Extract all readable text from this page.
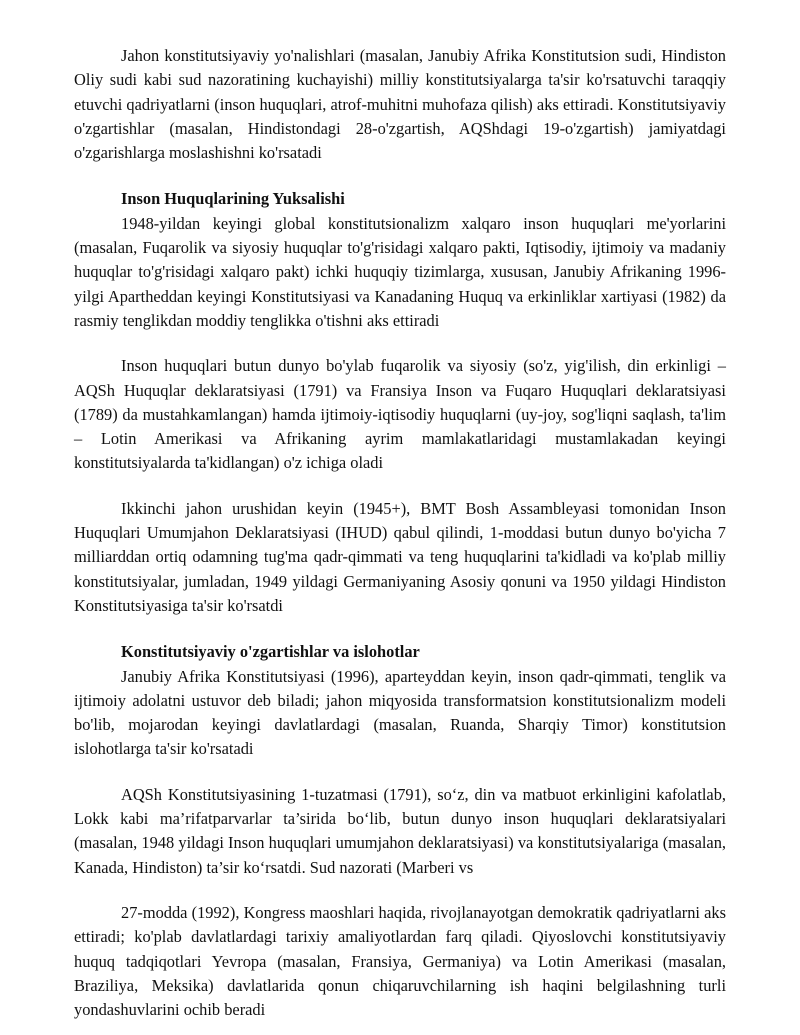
Jahon konstitutsiyaviy yo'nalishlari (masalan, Janubiy Afrika Konstitutsion sudi, Hindiston Oliy sudi kabi sud nazoratining kuchayishi) milliy konstitutsiyalarga ta'sir ko'rsatuvchi taraqqiy etuvchi qadriyatlarni (inson huquqlari, atrof-muhitni muhofaza qilish) aks ettiradi. Konstitutsiyaviy o'zgartishlar (masalan, Hindistondagi 28-o'zgartish, AQShdagi 19-o'zgartish) jamiyatdagi o'zgarishlarga moslashishni ko'rsatadi

Inson Huquqlarining Yuksalishi

1948-yildan keyingi global konstitutsionalizm xalqaro inson huquqlari me'yorlarini (masalan, Fuqarolik va siyosiy huquqlar to'g'risidagi xalqaro pakti, Iqtisodiy, ijtimoiy va madaniy huquqlar to'g'risidagi xalqaro pakt) ichki huquqiy tizimlarga, xususan, Janubiy Afrikaning 1996-yilgi Apartheddan keyingi Konstitutsiyasi va Kanadaning Huquq va erkinliklar xartiyasi (1982) da rasmiy tenglikdan moddiy tenglikka o'tishni aks ettiradi

Inson huquqlari butun dunyo bo'ylab fuqarolik va siyosiy (so'z, yig'ilish, din erkinligi – AQSh Huquqlar deklaratsiyasi (1791) va Fransiya Inson va Fuqaro Huquqlari deklaratsiyasi (1789) da mustahkamlangan) hamda ijtimoiy-iqtisodiy huquqlarni (uy-joy, sog'liqni saqlash, ta'lim – Lotin Amerikasi va Afrikaning ayrim mamlakatlaridagi mustamlakadan keyingi konstitutsiyalarda ta'kidlangan) o'z ichiga oladi

Ikkinchi jahon urushidan keyin (1945+), BMT Bosh Assambleyasi tomonidan Inson Huquqlari Umumjahon Deklaratsiyasi (IHUD) qabul qilindi, 1-moddasi butun dunyo bo'yicha 7 milliarddan ortiq odamning tug'ma qadr-qimmati va teng huquqlarini ta'kidladi va ko'plab milliy konstitutsiyalar, jumladan, 1949 yildagi Germaniyaning Asosiy qonuni va 1950 yildagi Hindiston Konstitutsiyasiga ta'sir ko'rsatdi

Konstitutsiyaviy o'zgartishlar va islohotlar

Janubiy Afrika Konstitutsiyasi (1996), aparteyddan keyin, inson qadr-qimmati, tenglik va ijtimoiy adolatni ustuvor deb biladi; jahon miqyosida transformatsion konstitutsionalizm modeli bo'lib, mojarodan keyingi davlatlardagi (masalan, Ruanda, Sharqiy Timor) konstitutsion islohotlarga ta'sir ko'rsatadi

AQSh Konstitutsiyasining 1-tuzatmasi (1791), so‘z, din va matbuot erkinligini kafolatlab, Lokk kabi ma’rifatparvarlar ta’sirida bo‘lib, butun dunyo inson huquqlari deklaratsiyalari (masalan, 1948 yildagi Inson huquqlari umumjahon deklaratsiyasi) va konstitutsiyalariga (masalan, Kanada, Hindiston) ta’sir ko‘rsatdi. Sud nazorati (Marberi vs

27-modda (1992), Kongress maoshlari haqida, rivojlanayotgan demokratik qadriyatlarni aks ettiradi; ko'plab davlatlardagi tarixiy amaliyotlardan farq qiladi. Qiyoslovchi konstitutsiyaviy huquq tadqiqotlari Yevropa (masalan, Fransiya, Germaniya) va Lotin Amerikasi (masalan, Braziliya, Meksika) davlatlarida qonun chiqaruvchilarning ish haqini belgilashning turli yondashuvlarini ochib beradi
